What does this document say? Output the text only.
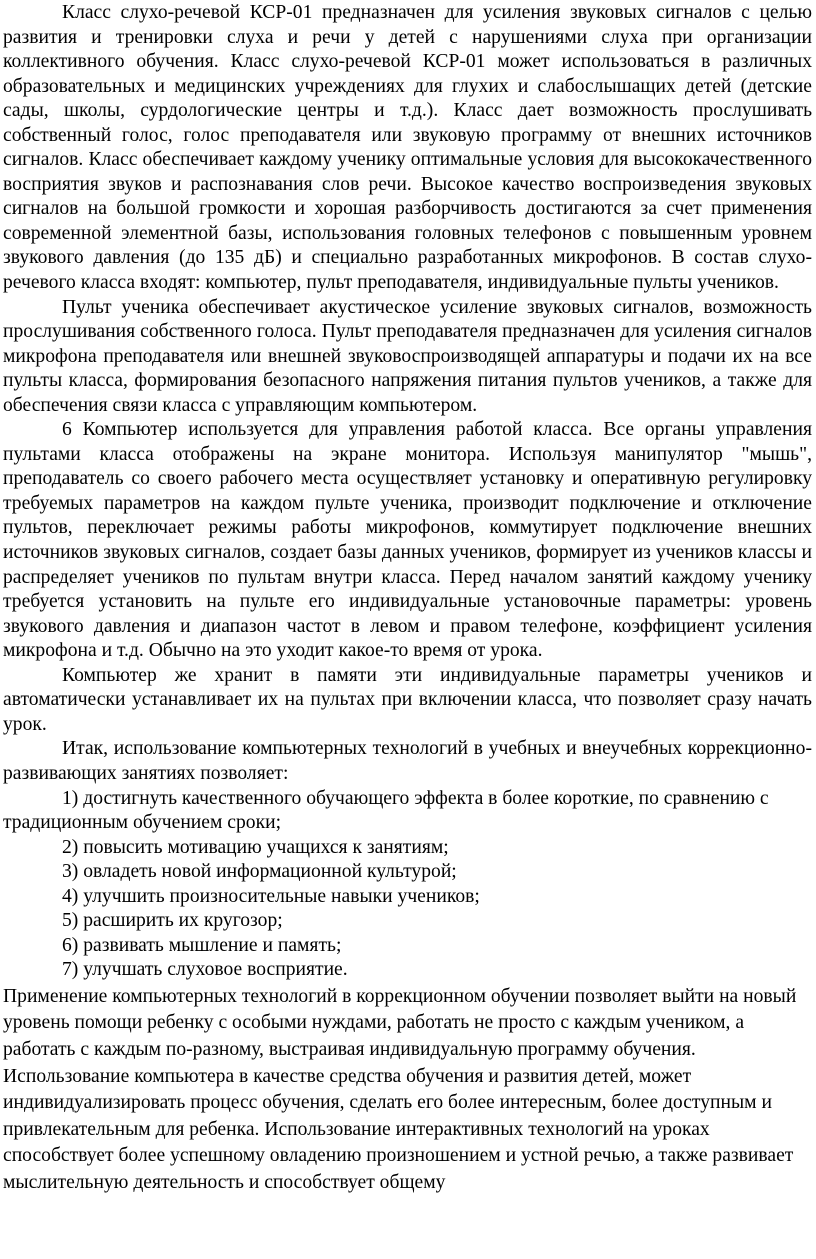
Класс слухо-речевой КСР-01 предназначен для усиления звуковых сигналов с целью развития и тренировки слуха и речи у детей с нарушениями слуха при организации коллективного обучения. Класс слухо-речевой КСР-01 может использоваться в различных образовательных и медицинских учреждениях для глухих и слабослышащих детей (детские сады, школы, сурдологические центры и т.д.). Класс дает возможность прослушивать собственный голос, голос преподавателя или звуковую программу от внешних источников сигналов. Класс обеспечивает каждому ученику оптимальные условия для высококачественного восприятия звуков и распознавания слов речи. Высокое качество воспроизведения звуковых сигналов на большой громкости и хорошая разборчивость достигаются за счет применения современной элементной базы, использования головных телефонов с повышенным уровнем звукового давления (до 135 дБ) и специально разработанных микрофонов. В состав слухо-речевого класса входят: компьютер, пульт преподавателя, индивидуальные пульты учеников.

Пульт ученика обеспечивает акустическое усиление звуковых сигналов, возможность прослушивания собственного голоса. Пульт преподавателя предназначен для усиления сигналов микрофона преподавателя или внешней звуковоспроизводящей аппаратуры и подачи их на все пульты класса, формирования безопасного напряжения питания пультов учеников, а также для обеспечения связи класса с управляющим компьютером.

6 Компьютер используется для управления работой класса. Все органы управления пультами класса отображены на экране монитора. Используя манипулятор "мышь", преподаватель со своего рабочего места осуществляет установку и оперативную регулировку требуемых параметров на каждом пульте ученика, производит подключение и отключение пультов, переключает режимы работы микрофонов, коммутирует подключение внешних источников звуковых сигналов, создает базы данных учеников, формирует из учеников классы и распределяет учеников по пультам внутри класса. Перед началом занятий каждому ученику требуется установить на пульте его индивидуальные установочные параметры: уровень звукового давления и диапазон частот в левом и правом телефоне, коэффициент усиления микрофона и т.д. Обычно на это уходит какое-то время от урока.

Компьютер же хранит в памяти эти индивидуальные параметры учеников и автоматически устанавливает их на пультах при включении класса, что позволяет сразу начать урок.

Итак, использование компьютерных технологий в учебных и внеучебных коррекционно-развивающих занятиях позволяет:

1) достигнуть качественного обучающего эффекта в более короткие, по сравнению с традиционным обучением сроки;

2) повысить мотивацию учащихся к занятиям;

3) овладеть новой информационной культурой;

4) улучшить произносительные навыки учеников;

5) расширить их кругозор;

6) развивать мышление и память;

7) улучшать слуховое восприятие.

Применение компьютерных технологий в коррекционном обучении позволяет выйти на новый уровень помощи ребенку с особыми нуждами, работать не просто с каждым учеником, а работать с каждым по-разному, выстраивая индивидуальную программу обучения. Использование компьютера в качестве средства обучения и развития детей, может индивидуализировать процесс обучения, сделать его более интересным, более доступным и привлекательным для ребенка. Использование интерактивных технологий на уроках способствует более успешному овладению произношением и устной речью, а также развивает мыслительную деятельность и способствует общему
